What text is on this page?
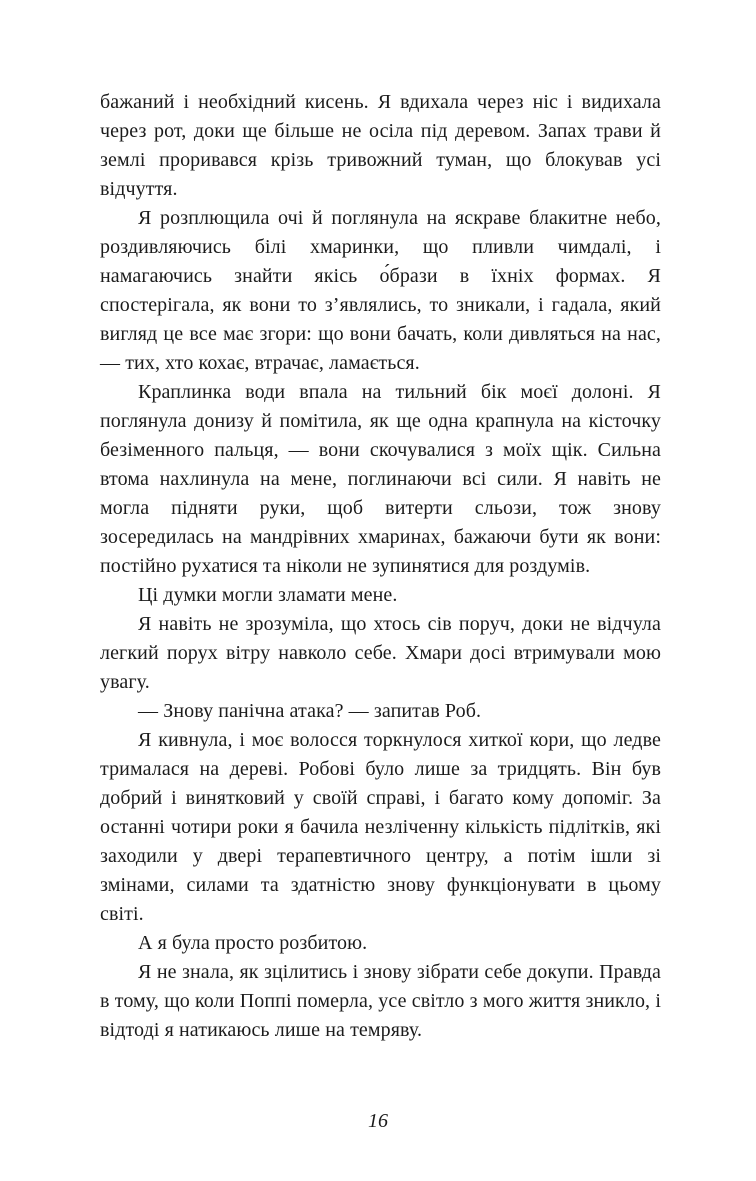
бажаний і необхідний кисень. Я вдихала через ніс і видихала через рот, доки ще більше не осіла під деревом. Запах трави й землі проривався крізь тривожний туман, що блокував усі відчуття.

Я розплющила очі й поглянула на яскраве блакитне небо, роздивляючись білі хмаринки, що пливли чимдалі, і намагаючись знайти якісь о́брази в їхніх формах. Я спостерігала, як вони то з’являлись, то зникали, і гадала, який вигляд це все має згори: що вони бачать, коли дивляться на нас, — тих, хто кохає, втрачає, ламається.

Краплинка води впала на тильний бік моєї долоні. Я поглянула донизу й помітила, як ще одна крапнула на кісточку безіменного пальця, — вони скочувалися з моїх щік. Сильна втома нахлинула на мене, поглинаючи всі сили. Я навіть не могла підняти руки, щоб витерти сльози, тож знову зосередилась на мандрівних хмаринах, бажаючи бути як вони: постійно рухатися та ніколи не зупинятися для роздумів.

Ці думки могли зламати мене.

Я навіть не зрозуміла, що хтось сів поруч, доки не відчула легкий порух вітру навколо себе. Хмари досі втримували мою увагу.

— Знову панічна атака? — запитав Роб.

Я кивнула, і моє волосся торкнулося хиткої кори, що ледве трималася на дереві. Робові було лише за тридцять. Він був добрий і винятковий у своїй справі, і багато кому допоміг. За останні чотири роки я бачила незліченну кількість підлітків, які заходили у двері терапевтичного центру, а потім ішли зі змінами, силами та здатністю знову функціонувати в цьому світі.

А я була просто розбитою.

Я не знала, як зцілитись і знову зібрати себе докупи. Правда в тому, що коли Поппі померла, усе світло з мого життя зникло, і відтоді я натикаюсь лише на темряву.

16
